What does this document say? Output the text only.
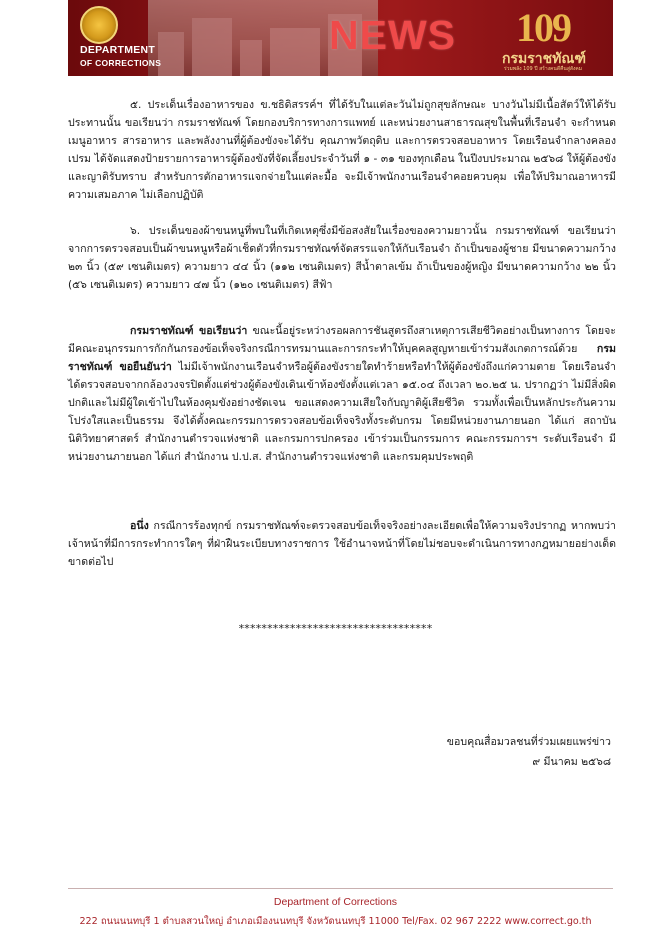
DEPARTMENT
OF CORRECTIONS
NEWS 109
กรมราชทัณฑ์
ร่วมพลัง 109 ปี สร้างคนดีคืนสู่สังคม
๕. ประเด็นเรื่องอาหารของ ข.ชธิดิสรรค์ฯ ที่ได้รับในแต่ละวันไม่ถูกสุขลักษณะ บางวันไม่มีเนื้อสัตว์ให้ได้รับประทานนั้น ขอเรียนว่า กรมราชทัณฑ์ โดยกองบริการทางการแพทย์ และหน่วยงานสาธารณสุขในพื้นที่เรือนจำ จะกำหนดเมนูอาหาร สารอาหาร และพลังงานที่ผู้ต้องขังจะได้รับ คุณภาพวัตถุดิบ และการตรวจสอบอาหาร โดยเรือนจำกลางคลองเปรม ได้จัดแสดงป้ายรายการอาหารผู้ต้องขังที่จัดเลี้ยงประจำวันที่ ๑ - ๓๑ ของทุกเดือน ในปีงบประมาณ ๒๕๖๘ ให้ผู้ต้องขังและญาติรับทราบ สำหรับการตักอาหารแจกจ่ายในแต่ละมื้อ จะมีเจ้าพนักงานเรือนจำคอยควบคุม เพื่อให้ปริมาณอาหารมีความเสมอภาค ไม่เลือกปฏิบัติ
๖. ประเด็นของผ้าขนหนูที่พบในที่เกิดเหตุซึ่งมีข้อสงสัยในเรื่องของความยาวนั้น กรมราชทัณฑ์ ขอเรียนว่า จากการตรวจสอบเป็นผ้าขนหนูหรือผ้าเช็ดตัวที่กรมราชทัณฑ์จัดสรรแจกให้กับเรือนจำ ถ้าเป็นของผู้ชาย มีขนาดความกว้าง ๒๓ นิ้ว (๕๙ เซนติเมตร) ความยาว ๔๔ นิ้ว (๑๑๒ เซนติเมตร) สีน้ำตาลเข้ม ถ้าเป็นของผู้หญิง มีขนาดความกว้าง ๒๒ นิ้ว (๕๖ เซนติเมตร) ความยาว ๔๗ นิ้ว (๑๒๐ เซนติเมตร) สีฟ้า
กรมราชทัณฑ์ ขอเรียนว่า ขณะนี้อยู่ระหว่างรอผลการชันสูตรถึงสาเหตุการเสียชีวิตอย่างเป็นทางการ โดยจะมีคณะอนุกรรมการกักกันกรองข้อเท็จจริงกรณีการทรมานและการกระทำให้บุคคลสูญหายเข้าร่วมสังเกตการณ์ด้วย กรมราชทัณฑ์ ขอยืนยันว่า ไม่มีเจ้าพนักงานเรือนจำหรือผู้ต้องขังรายใดทำร้ายหรือทำให้ผู้ต้องขังถึงแก่ความตาย โดยเรือนจำได้ตรวจสอบจากกล้องวงจรปิดตั้งแต่ช่วงผู้ต้องขังเดินเข้าห้องขังตั้งแต่เวลา ๑๕.๐๔ ถึงเวลา ๒๐.๒๕ น. ปรากฏว่า ไม่มีสิ่งผิดปกติและไม่มีผู้ใดเข้าไปในห้องคุมขังอย่างชัดเจน ขอแสดงความเสียใจกับญาติผู้เสียชีวิต รวมทั้งเพื่อเป็นหลักประกันความโปร่งใสและเป็นธรรม จึงได้ตั้งคณะกรรมการตรวจสอบข้อเท็จจริงทั้งระดับกรม โดยมีหน่วยงานภายนอก ได้แก่ สถาบันนิติวิทยาศาสตร์ สำนักงานตำรวจแห่งชาติ และกรมการปกครอง เข้าร่วมเป็นกรรมการ คณะกรรมการฯ ระดับเรือนจำ มีหน่วยงานภายนอก ได้แก่ สำนักงาน ป.ป.ส. สำนักงานตำรวจแห่งชาติ และกรมคุมประพฤติ
อนึ่ง กรณีการร้องทุกข์ กรมราชทัณฑ์จะตรวจสอบข้อเท็จจริงอย่างละเอียดเพื่อให้ความจริงปรากฏ หากพบว่า เจ้าหน้าที่มีการกระทำการใดๆ ที่ฝ่าฝืนระเบียบทางราชการ ใช้อำนาจหน้าที่โดยไม่ชอบจะดำเนินการทางกฎหมายอย่างเด็ดขาดต่อไป
**********************************
ขอบคุณสื่อมวลชนที่ร่วมเผยแพร่ข่าว
๙ มีนาคม ๒๕๖๘
Department of Corrections
222 ถนนนนทบุรี 1 ตำบลสวนใหญ่ อำเภอเมืองนนทบุรี จังหวัดนนทบุรี 11000 Tel/Fax. 02 967 2222 www.correct.go.th
